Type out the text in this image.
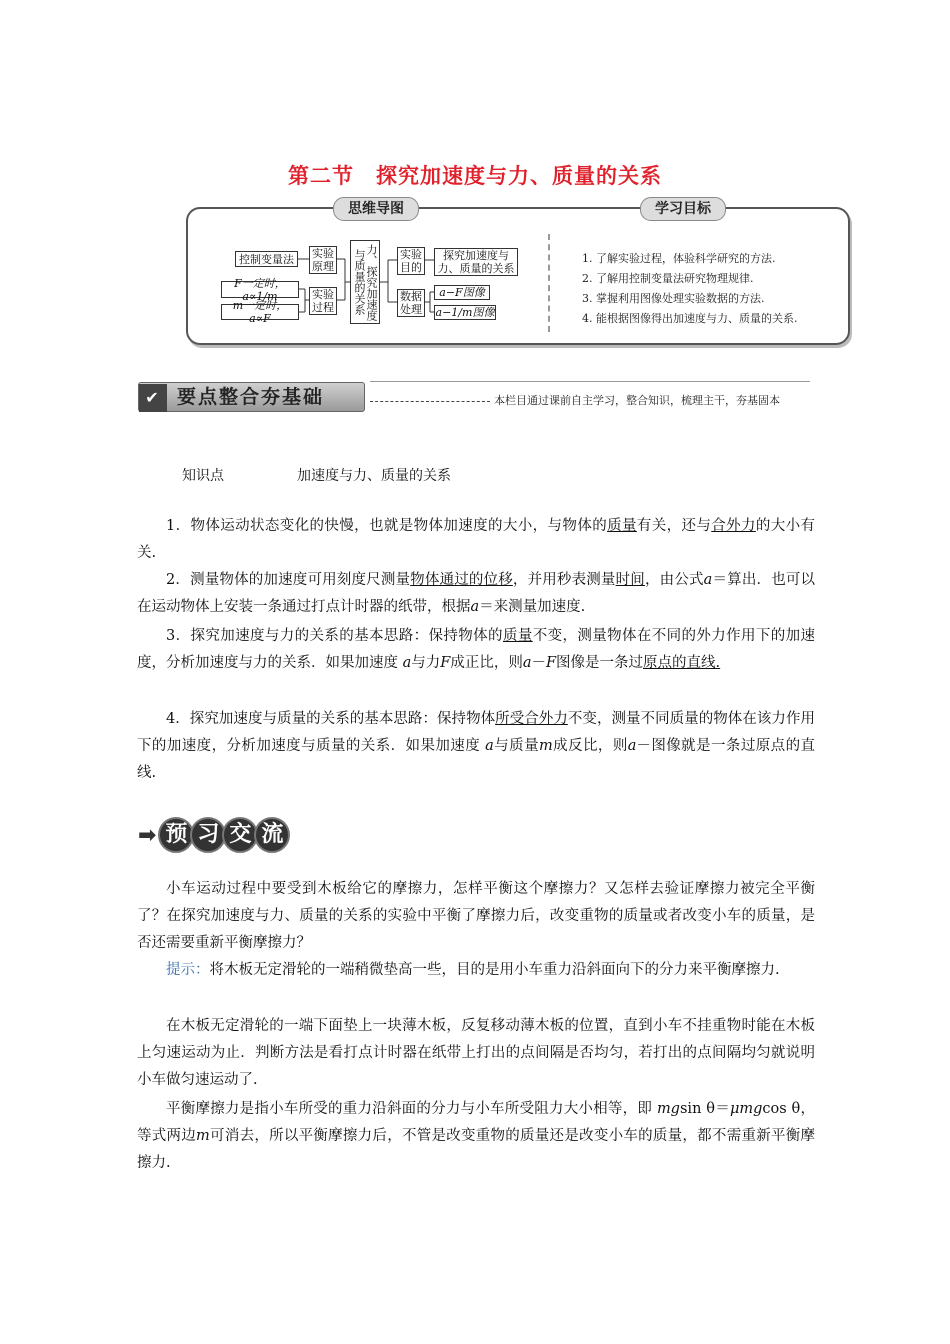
第二节　探究加速度与力、质量的关系
思维导图	学习目标
控制变量法	实验原理
F一定时，a∝1/m
m一定时，a∝F
实验过程	力、探究加速度与质量的关系	实验目的
探究加速度与力、质量的关系
数据处理
a−F图像
a−1/m图像
1. 了解实验过程，体验科学研究的方法.
2. 了解用控制变量法研究物理规律.
3. 掌握利用图像处理实验数据的方法.
4. 能根据图像得出加速度与力、质量的关系.
✔ 要点整合夯基础	本栏目通过课前自主学习，整合知识，梳理主干，夯基固本
知识点	加速度与力、质量的关系
1．物体运动状态变化的快慢，也就是物体加速度的大小，与物体的质量有关，还与合外力的大小有关.
2．测量物体的加速度可用刻度尺测量物体通过的位移，并用秒表测量时间，由公式a＝算出．也可以在运动物体上安装一条通过打点计时器的纸带，根据a＝来测量加速度.
3．探究加速度与力的关系的基本思路：保持物体的质量不变，测量物体在不同的外力作用下的加速度，分析加速度与力的关系．如果加速度 a与力F成正比，则a－F图像是一条过原点的直线.
4．探究加速度与质量的关系的基本思路：保持物体所受合外力不变，测量不同质量的物体在该力作用下的加速度，分析加速度与质量的关系．如果加速度 a与质量m成反比，则a－图像就是一条过原点的直线.
➡ 预 习 交 流
小车运动过程中要受到木板给它的摩擦力，怎样平衡这个摩擦力？又怎样去验证摩擦力被完全平衡了？在探究加速度与力、质量的关系的实验中平衡了摩擦力后，改变重物的质量或者改变小车的质量，是否还需要重新平衡摩擦力？
提示：将木板无定滑轮的一端稍微垫高一些，目的是用小车重力沿斜面向下的分力来平衡摩擦力.
在木板无定滑轮的一端下面垫上一块薄木板，反复移动薄木板的位置，直到小车不挂重物时能在木板上匀速运动为止．判断方法是看打点计时器在纸带上打出的点间隔是否均匀，若打出的点间隔均匀就说明小车做匀速运动了.
平衡摩擦力是指小车所受的重力沿斜面的分力与小车所受阻力大小相等，即 mgsin θ＝μmgcos θ，等式两边m可消去，所以平衡摩擦力后，不管是改变重物的质量还是改变小车的质量，都不需重新平衡摩擦力.
